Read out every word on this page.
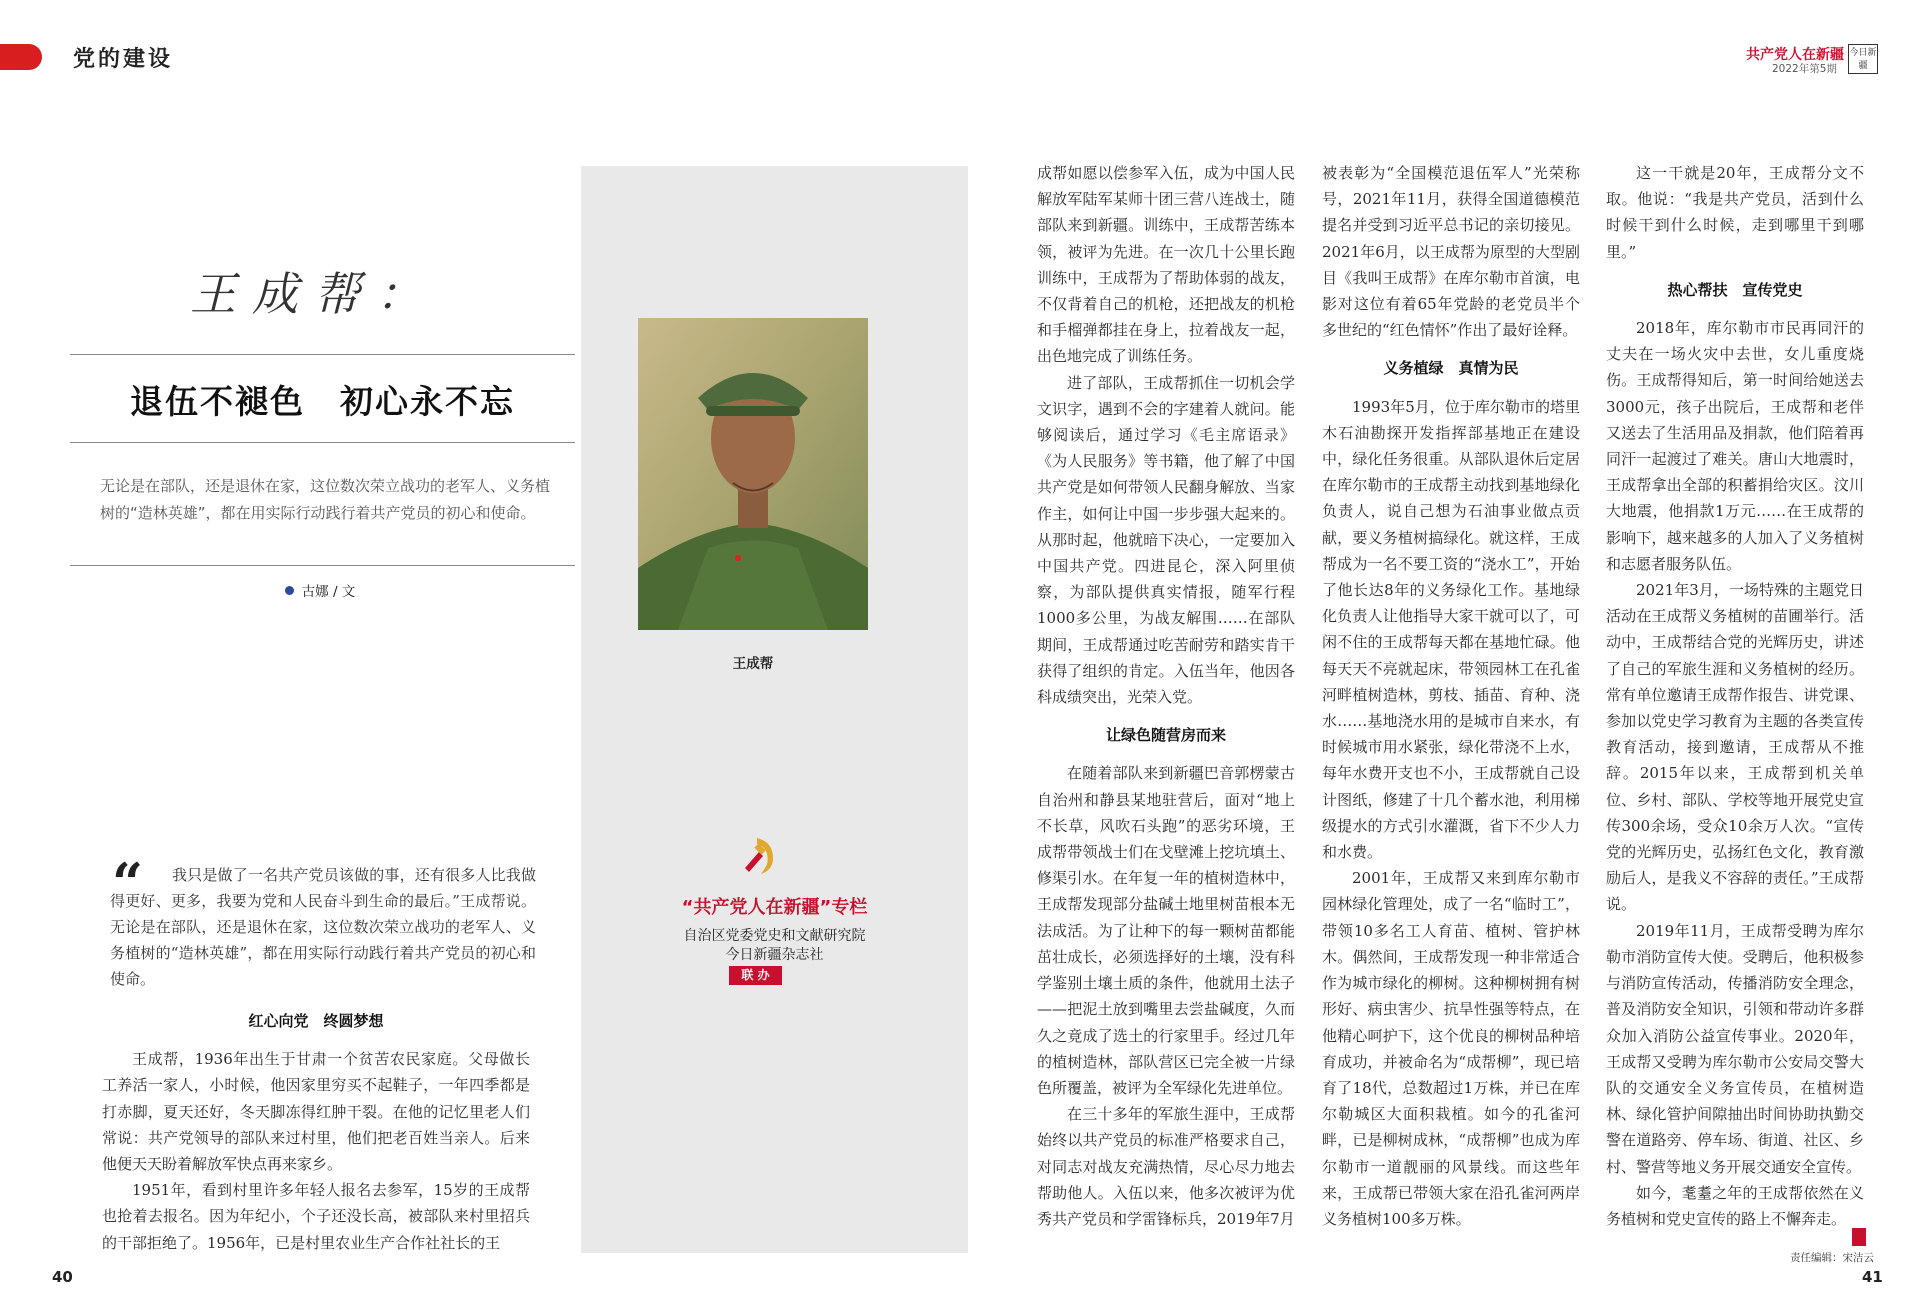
党的建设	共产党人在新疆
2022年第5期
今日新疆
王成帮：
退伍不褪色　初心永不忘
无论是在部队，还是退休在家，这位数次荣立战功的老军人、义务植树的“造林英雄”，都在用实际行动践行着共产党员的初心和使命。
古娜 / 文
“	我只是做了一名共产党员该做的事，还有很多人比我做得更好、更多，我要为党和人民奋斗到生命的最后。”王成帮说。无论是在部队，还是退休在家，这位数次荣立战功的老军人、义务植树的“造林英雄”，都在用实际行动践行着共产党员的初心和使命。

红心向党　终圆梦想

王成帮，1936年出生于甘肃一个贫苦农民家庭。父母做长工养活一家人，小时候，他因家里穷买不起鞋子，一年四季都是打赤脚，夏天还好，冬天脚冻得红肿干裂。在他的记忆里老人们常说：共产党领导的部队来过村里，他们把老百姓当亲人。后来他便天天盼着解放军快点再来家乡。

1951年，看到村里许多年轻人报名去参军，15岁的王成帮也抢着去报名。因为年纪小，个子还没长高，被部队来村里招兵的干部拒绝了。1956年，已是村里农业生产合作社社长的王

王成帮
“共产党人在新疆”专栏
自治区党委党史和文献研究院
今日新疆杂志社
联 办

成帮如愿以偿参军入伍，成为中国人民解放军陆军某师十团三营八连战士，随部队来到新疆。训练中，王成帮苦练本领，被评为先进。在一次几十公里长跑训练中，王成帮为了帮助体弱的战友，不仅背着自己的机枪，还把战友的机枪和手榴弹都挂在身上，拉着战友一起，出色地完成了训练任务。

进了部队，王成帮抓住一切机会学文识字，遇到不会的字建着人就问。能够阅读后，通过学习《毛主席语录》《为人民服务》等书籍，他了解了中国共产党是如何带领人民翻身解放、当家作主，如何让中国一步步强大起来的。从那时起，他就暗下决心，一定要加入中国共产党。四进昆仑，深入阿里侦察，为部队提供真实情报，随军行程1000多公里，为战友解围……在部队期间，王成帮通过吃苦耐劳和踏实肯干获得了组织的肯定。入伍当年，他因各科成绩突出，光荣入党。

让绿色随营房而来

在随着部队来到新疆巴音郭楞蒙古自治州和静县某地驻营后，面对“地上不长草，风吹石头跑”的恶劣环境，王成帮带领战士们在戈壁滩上挖坑填土、修渠引水。在年复一年的植树造林中，王成帮发现部分盐碱土地里树苗根本无法成活。为了让种下的每一颗树苗都能茁壮成长，必须选择好的土壤，没有科学鉴别土壤土质的条件，他就用土法子——把泥土放到嘴里去尝盐碱度，久而久之竟成了选土的行家里手。经过几年的植树造林，部队营区已完全被一片绿色所覆盖，被评为全军绿化先进单位。

在三十多年的军旅生涯中，王成帮始终以共产党员的标准严格要求自己，对同志对战友充满热情，尽心尽力地去帮助他人。入伍以来，他多次被评为优秀共产党员和学雷锋标兵，2019年7月

被表彰为“全国模范退伍军人”光荣称号，2021年11月，获得全国道德模范提名并受到习近平总书记的亲切接见。2021年6月，以王成帮为原型的大型剧目《我叫王成帮》在库尔勒市首演，电影对这位有着65年党龄的老党员半个多世纪的“红色情怀”作出了最好诠释。

义务植绿　真情为民

1993年5月，位于库尔勒市的塔里木石油勘探开发指挥部基地正在建设中，绿化任务很重。从部队退休后定居在库尔勒市的王成帮主动找到基地绿化负责人，说自己想为石油事业做点贡献，要义务植树搞绿化。就这样，王成帮成为一名不要工资的“浇水工”，开始了他长达8年的义务绿化工作。基地绿化负责人让他指导大家干就可以了，可闲不住的王成帮每天都在基地忙碌。他每天天不亮就起床，带领园林工在孔雀河畔植树造林，剪枝、插苗、育种、浇水……基地浇水用的是城市自来水，有时候城市用水紧张，绿化带浇不上水，每年水费开支也不小，王成帮就自己设计图纸，修建了十几个蓄水池，利用梯级提水的方式引水灌溉，省下不少人力和水费。

2001年，王成帮又来到库尔勒市园林绿化管理处，成了一名“临时工”，带领10多名工人育苗、植树、管护林木。偶然间，王成帮发现一种非常适合作为城市绿化的柳树。这种柳树拥有树形好、病虫害少、抗旱性强等特点，在他精心呵护下，这个优良的柳树品种培育成功，并被命名为“成帮柳”，现已培育了18代，总数超过1万株，并已在库尔勒城区大面积栽植。如今的孔雀河畔，已是柳树成林，“成帮柳”也成为库尔勒市一道靓丽的风景线。而这些年来，王成帮已带领大家在沿孔雀河两岸义务植树100多万株。

这一干就是20年，王成帮分文不取。他说：“我是共产党员，活到什么时候干到什么时候，走到哪里干到哪里。”

热心帮扶　宣传党史

2018年，库尔勒市市民再同汗的丈夫在一场火灾中去世，女儿重度烧伤。王成帮得知后，第一时间给她送去3000元，孩子出院后，王成帮和老伴又送去了生活用品及捐款，他们陪着再同汗一起渡过了难关。唐山大地震时，王成帮拿出全部的积蓄捐给灾区。汶川大地震，他捐款1万元……在王成帮的影响下，越来越多的人加入了义务植树和志愿者服务队伍。

2021年3月，一场特殊的主题党日活动在王成帮义务植树的苗圃举行。活动中，王成帮结合党的光辉历史，讲述了自己的军旅生涯和义务植树的经历。常有单位邀请王成帮作报告、讲党课、参加以党史学习教育为主题的各类宣传教育活动，接到邀请，王成帮从不推辞。2015年以来，王成帮到机关单位、乡村、部队、学校等地开展党史宣传300余场，受众10余万人次。“宣传党的光辉历史，弘扬红色文化，教育激励后人，是我义不容辞的责任。”王成帮说。

2019年11月，王成帮受聘为库尔勒市消防宣传大使。受聘后，他积极参与消防宣传活动，传播消防安全理念，普及消防安全知识，引领和带动许多群众加入消防公益宣传事业。2020年，王成帮又受聘为库尔勒市公安局交警大队的交通安全义务宣传员，在植树造林、绿化管护间隙抽出时间协助执勤交警在道路旁、停车场、街道、社区、乡村、警营等地义务开展交通安全宣传。

如今，耄耋之年的王成帮依然在义务植树和党史宣传的路上不懈奔走。

责任编辑：宋洁云
40	41
